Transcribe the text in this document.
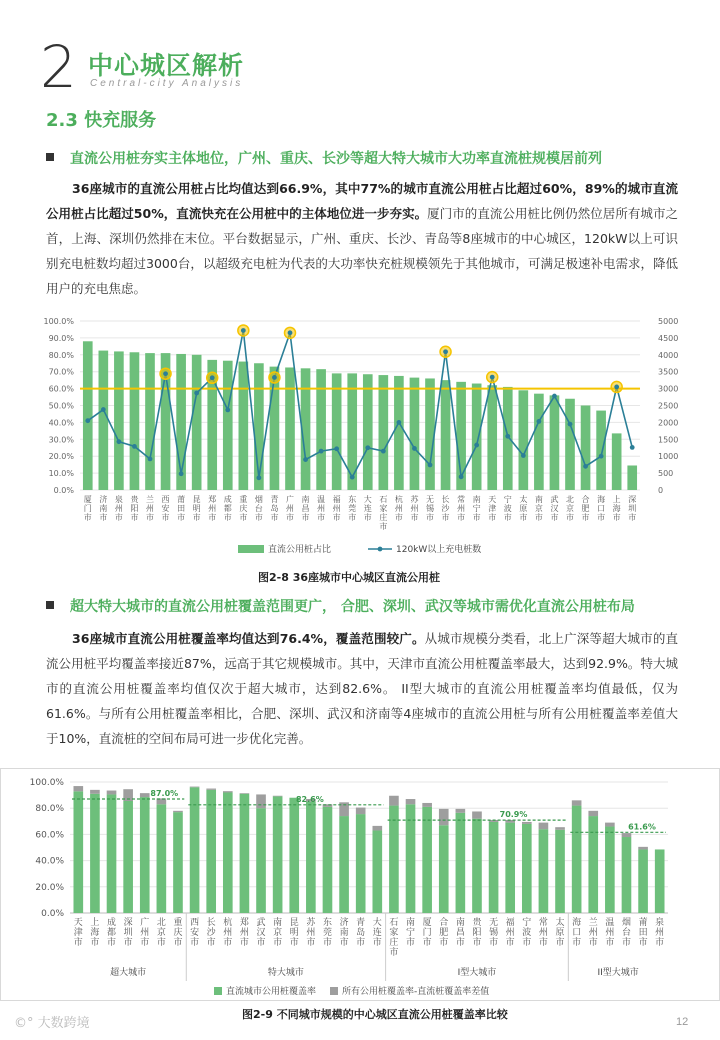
2 中心城区解析
Central-city Analysis
2.3 快充服务
直流公用桩夯实主体地位，广州、重庆、长沙等超大特大城市大功率直流桩规模居前列
36座城市的直流公用桩占比均值达到66.9%，其中77%的城市直流公用桩占比超过60%，89%的城市直流公用桩占比超过50%，直流快充在公用桩中的主体地位进一步夯实。厦门市的直流公用桩比例仍然位居所有城市之首，上海、深圳仍然排在末位。平台数据显示，广州、重庆、长沙、青岛等8座城市的中心城区，120kW以上可识别充电桩数均超过3000台，以超级充电桩为代表的大功率快充桩规模领先于其他城市，可满足极速补电需求，降低用户的充电焦虑。
0.0%
10.0%
20.0%
30.0%
40.0%
50.0%
60.0%
70.0%
80.0%
90.0%
100.0%
0
500
1000
1500
2000
2500
3000
3500
4000
4500
5000
厦门市
济南市
泉州市
贵阳市
兰州市
西安市
莆田市
昆明市
郑州市
成都市
重庆市
烟台市
青岛市
广州市
南昌市
温州市
福州市
东莞市
大连市
石家庄市
杭州市
苏州市
无锡市
长沙市
常州市
南宁市
天津市
宁波市
太原市
南京市
武汉市
北京市
合肥市
海口市
上海市
深圳市
直流公用桩占比	120kW以上充电桩数
图2-8 36座城市中心城区直流公用桩
超大特大城市的直流公用桩覆盖范围更广， 合肥、深圳、武汉等城市需优化直流公用桩布局
36座城市直流公用桩覆盖率均值达到76.4%，覆盖范围较广。从城市规模分类看，北上广深等超大城市的直流公用桩平均覆盖率接近87%，远高于其它规模城市。其中，天津市直流公用桩覆盖率最大，达到92.9%。特大城市的直流公用桩覆盖率均值仅次于超大城市，达到82.6%。 II型大城市的直流公用桩覆盖率均值最低，仅为61.6%。与所有公用桩覆盖率相比，合肥、深圳、武汉和济南等4座城市的直流公用桩与所有公用桩覆盖率差值大于10%，直流桩的空间布局可进一步优化完善。
0.0%
20.0%
40.0%
60.0%
80.0%
100.0%
天津市
上海市
成都市
深圳市
广州市
北京市
重庆市
87.0%
超大城市
西安市
长沙市
杭州市
郑州市
武汉市
南京市
昆明市
苏州市
东莞市
济南市
青岛市
大连市
82.6%
特大城市
石家庄市
南宁市
厦门市
合肥市
南昌市
贵阳市
无锡市
福州市
宁波市
常州市
太原市
70.9%
I型大城市
海口市
兰州市
温州市
烟台市
莆田市
泉州市
61.6%
II型大城市
直流城市公用桩覆盖率	所有公用桩覆盖率-直流桩覆盖率差值
图2-9 不同城市规模的中心城区直流公用桩覆盖率比较
©° 大数跨境	12
